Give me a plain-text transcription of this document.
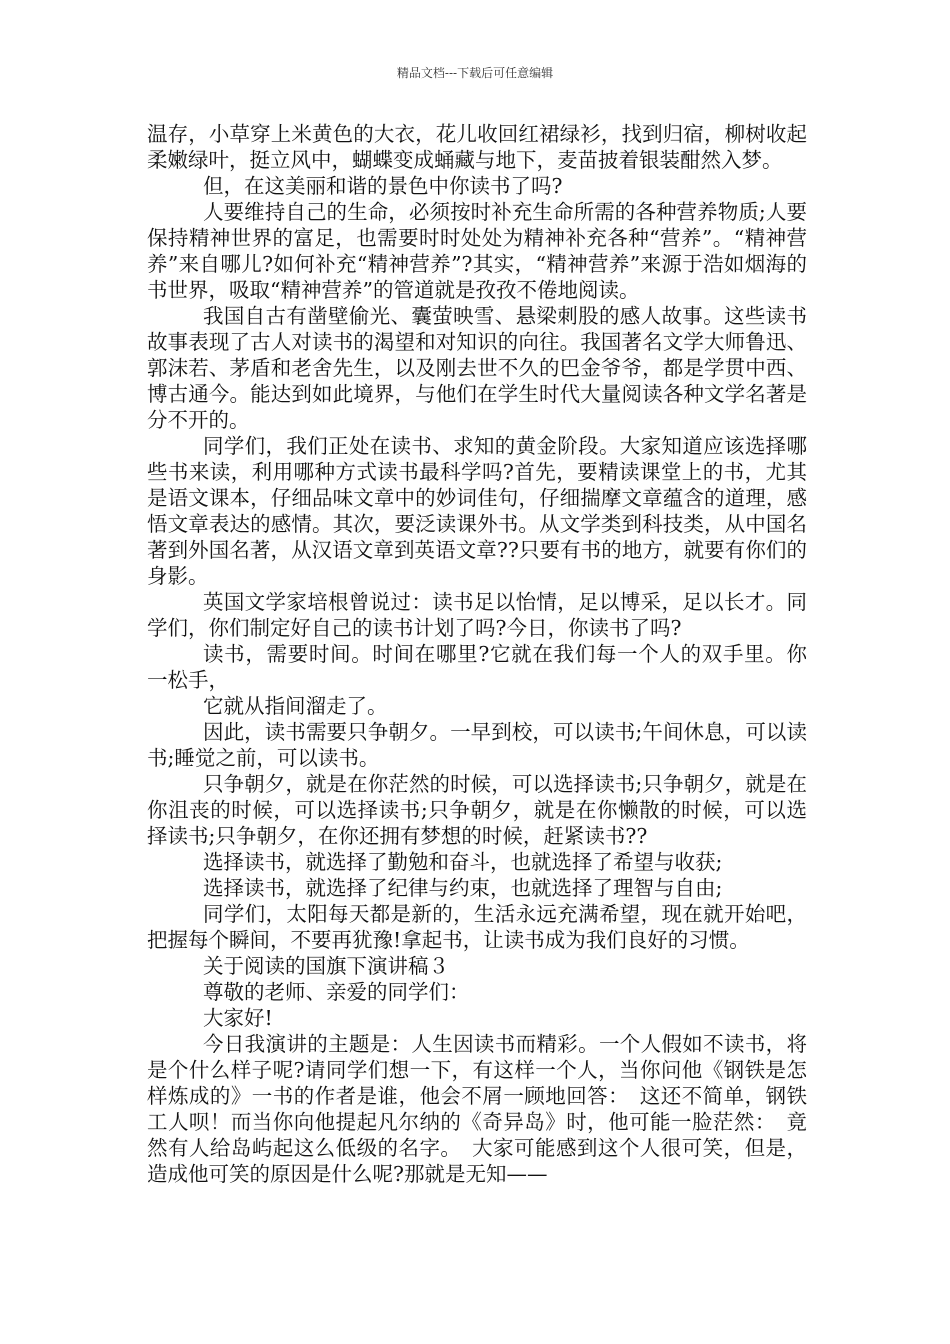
精品文档---下载后可任意编辑

温存，小草穿上米黄色的大衣，花儿收回红裙绿衫，找到归宿，柳树收起柔嫩绿叶，挺立风中，蝴蝶变成蛹藏与地下，麦苗披着银装酣然入梦。

但，在这美丽和谐的景色中你读书了吗?

人要维持自己的生命，必须按时补充生命所需的各种营养物质;人要保持精神世界的富足，也需要时时处处为精神补充各种“营养”。“精神营养”来自哪儿?如何补充“精神营养”?其实，“精神营养”来源于浩如烟海的书世界，吸取“精神营养”的管道就是孜孜不倦地阅读。

我国自古有凿壁偷光、囊萤映雪、悬梁刺股的感人故事。这些读书故事表现了古人对读书的渴望和对知识的向往。我国著名文学大师鲁迅、郭沫若、茅盾和老舍先生，以及刚去世不久的巴金爷爷，都是学贯中西、博古通今。能达到如此境界，与他们在学生时代大量阅读各种文学名著是分不开的。

同学们，我们正处在读书、求知的黄金阶段。大家知道应该选择哪些书来读，利用哪种方式读书最科学吗?首先，要精读课堂上的书，尤其是语文课本，仔细品味文章中的妙词佳句，仔细揣摩文章蕴含的道理，感悟文章表达的感情。其次，要泛读课外书。从文学类到科技类，从中国名著到外国名著，从汉语文章到英语文章??只要有书的地方，就要有你们的身影。

英国文学家培根曾说过：读书足以怡情，足以博采，足以长才。同学们，你们制定好自己的读书计划了吗?今日，你读书了吗?

读书，需要时间。时间在哪里?它就在我们每一个人的双手里。你一松手，

它就从指间溜走了。

因此，读书需要只争朝夕。一早到校，可以读书;午间休息，可以读书;睡觉之前，可以读书。

只争朝夕，就是在你茫然的时候，可以选择读书;只争朝夕，就是在你沮丧的时候，可以选择读书;只争朝夕，就是在你懒散的时候，可以选择读书;只争朝夕，在你还拥有梦想的时候，赶紧读书??

选择读书，就选择了勤勉和奋斗，也就选择了希望与收获;

选择读书，就选择了纪律与约束，也就选择了理智与自由;

同学们，太阳每天都是新的，生活永远充满希望，现在就开始吧，把握每个瞬间，不要再犹豫!拿起书，让读书成为我们良好的习惯。

关于阅读的国旗下演讲稿３

尊敬的老师、亲爱的同学们：

大家好!

今日我演讲的主题是：人生因读书而精彩。一个人假如不读书，将是个什么样子呢?请同学们想一下，有这样一个人，当你问他《钢铁是怎样炼成的》一书的作者是谁，他会不屑一顾地回答：　这还不简单，钢铁工人呗！而当你向他提起凡尔纳的《奇异岛》时，他可能一脸茫然：　竟然有人给岛屿起这么低级的名字。　大家可能感到这个人很可笑，但是，造成他可笑的原因是什么呢?那就是无知——
